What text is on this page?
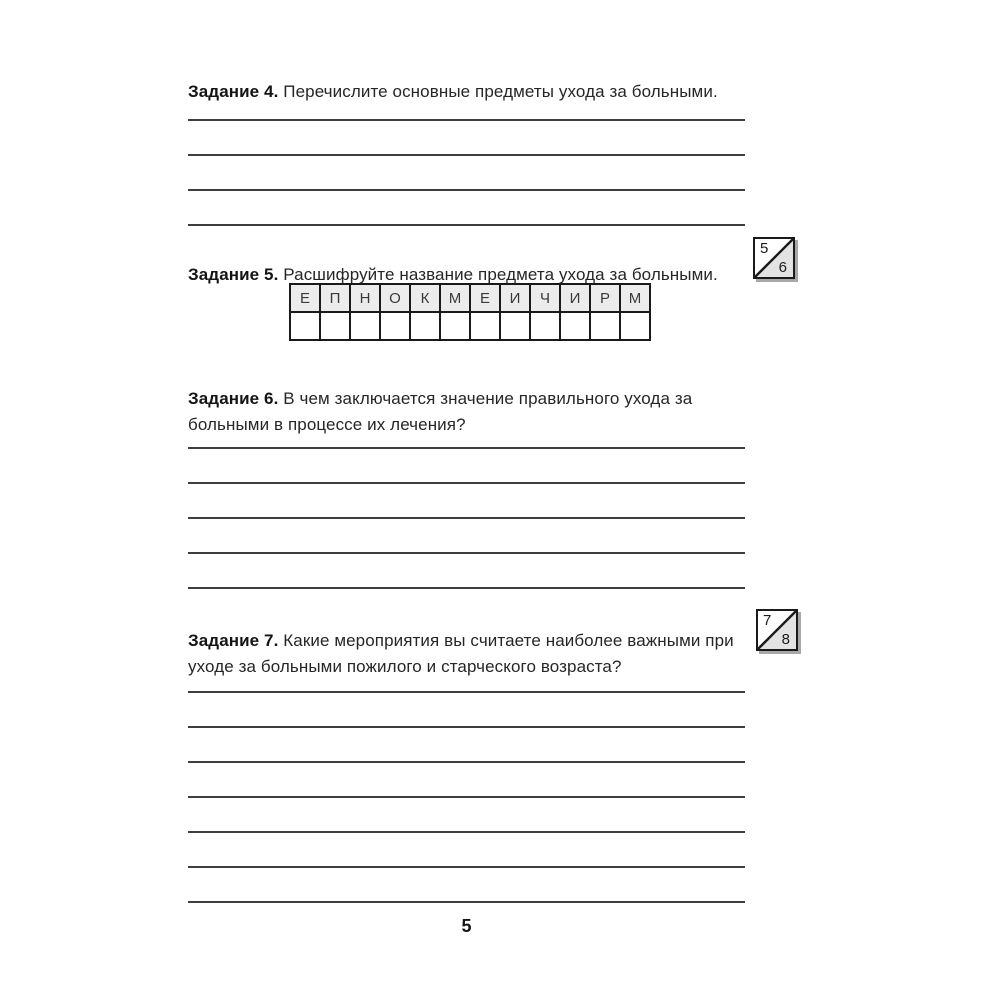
Задание 4. Перечислите основные предметы ухода за больными.

Задание 5. Расшифруйте название предмета ухода за больными.

5
6
Е	П	Н	О	К	М	Е	И	Ч	И	Р	М

Задание 6. В чем заключается значение правильного ухода за больными в процессе их лечения?

Задание 7. Какие мероприятия вы считаете наиболее важными при уходе за больными пожилого и старческого возраста?

7
8
5
